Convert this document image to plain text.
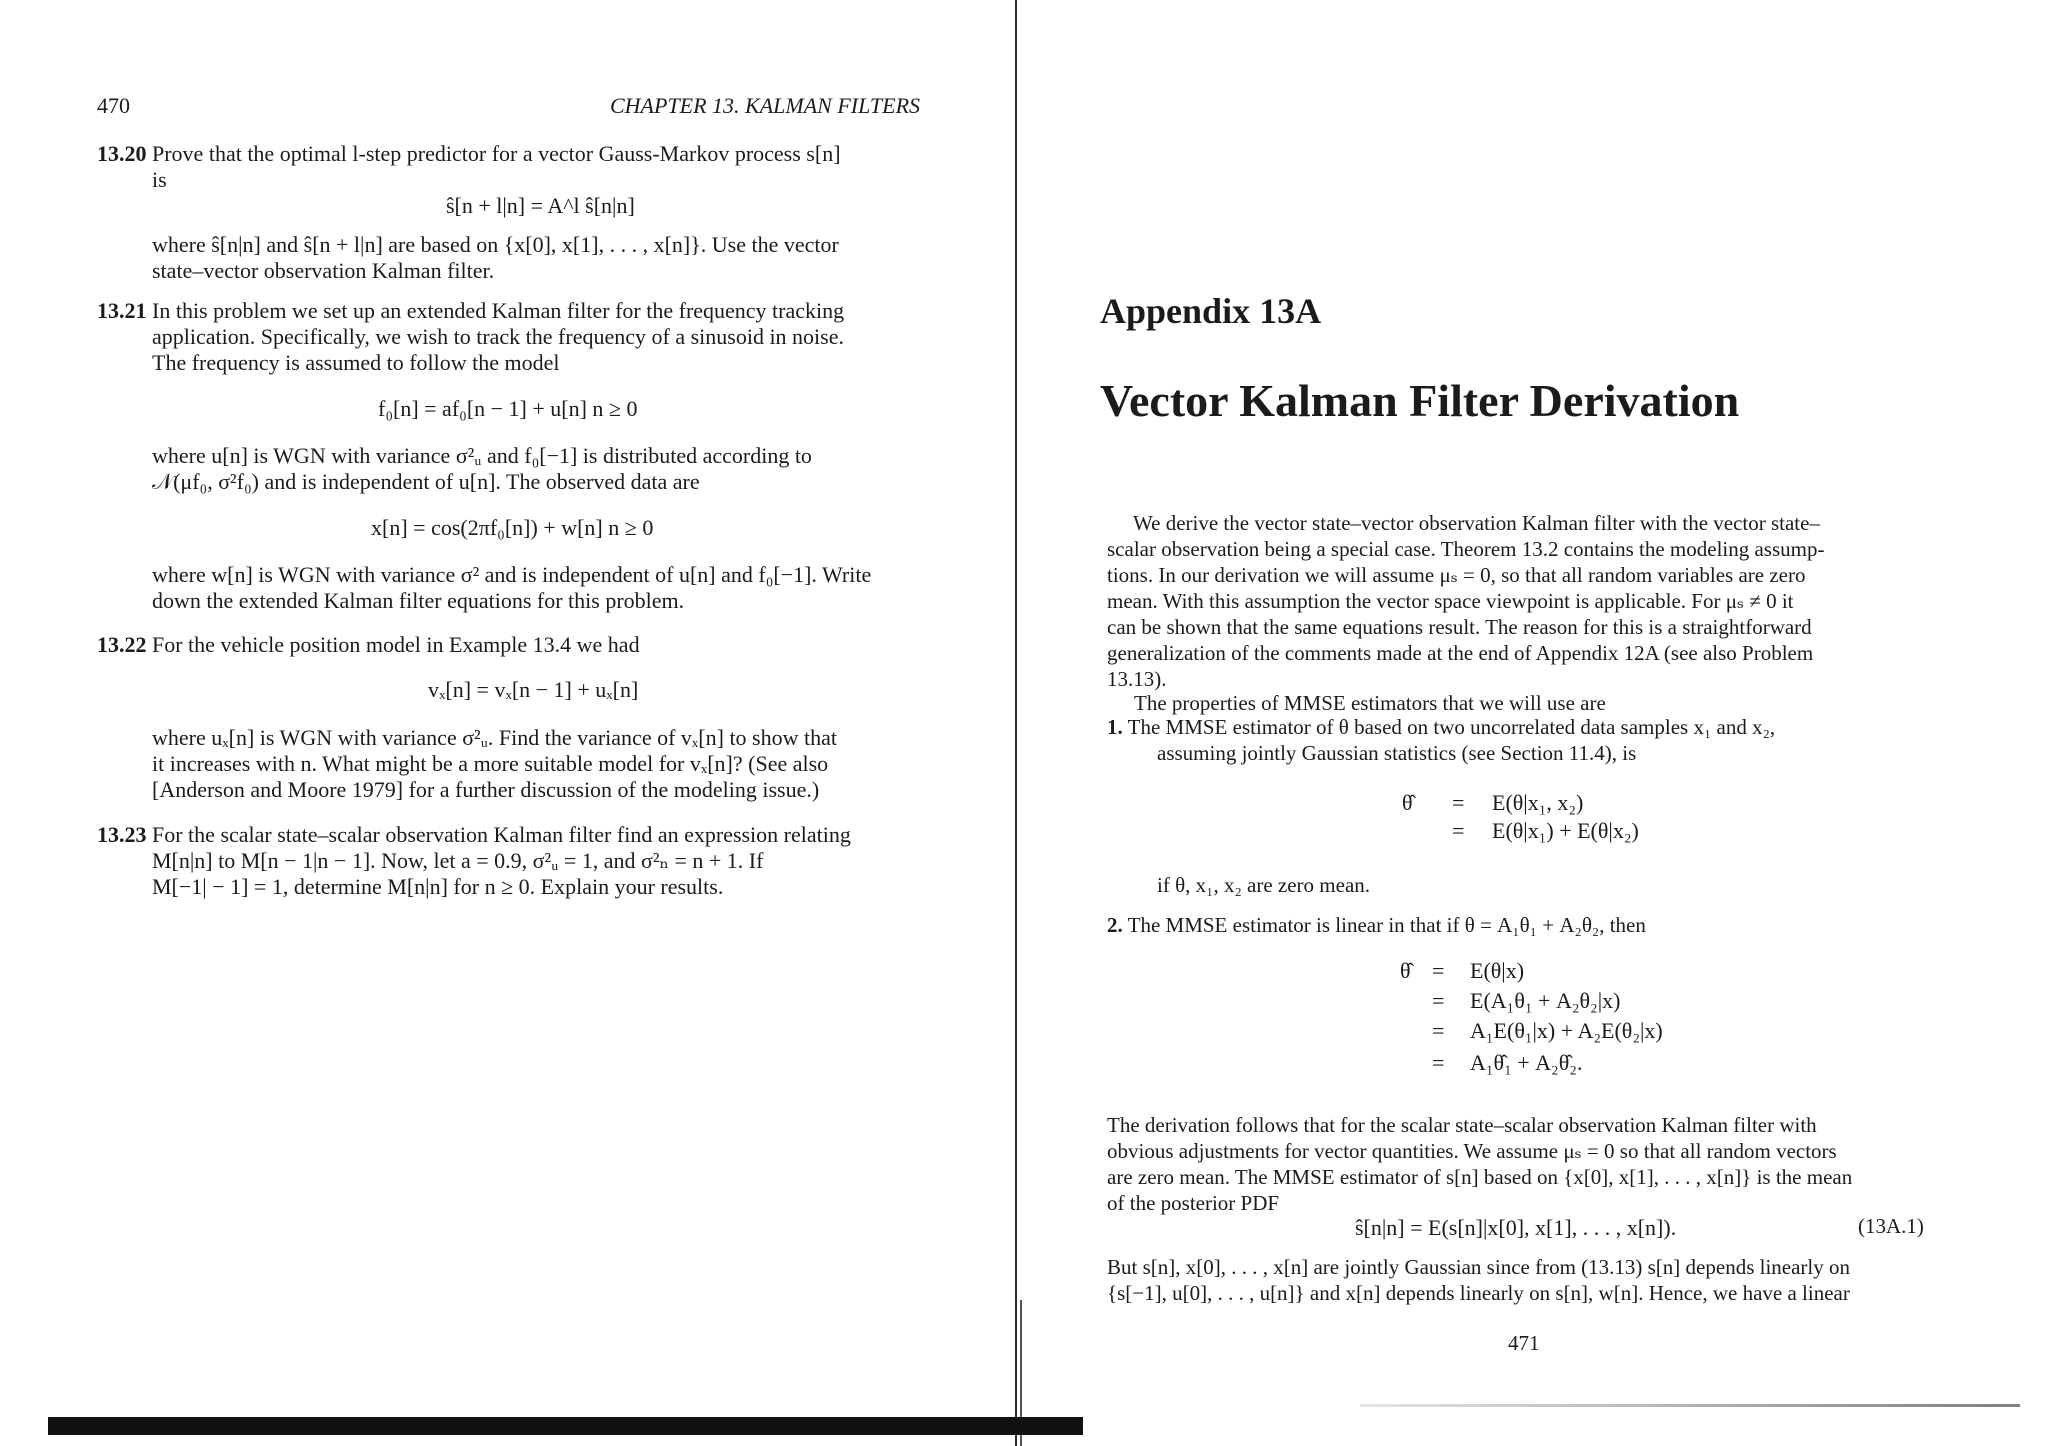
470	CHAPTER 13. KALMAN FILTERS
13.20 Prove that the optimal l-step predictor for a vector Gauss-Markov process s[n]
is
ŝ[n + l|n] = A^l ŝ[n|n]
where ŝ[n|n] and ŝ[n + l|n] are based on {x[0], x[1], . . . , x[n]}. Use the vector
state–vector observation Kalman filter.
13.21 In this problem we set up an extended Kalman filter for the frequency tracking
application. Specifically, we wish to track the frequency of a sinusoid in noise.
The frequency is assumed to follow the model
f₀[n] = af₀[n − 1] + u[n] n ≥ 0
where u[n] is WGN with variance σ²ᵤ and f₀[−1] is distributed according to
𝒩(μf₀, σ²f₀) and is independent of u[n]. The observed data are
x[n] = cos(2πf₀[n]) + w[n] n ≥ 0
where w[n] is WGN with variance σ² and is independent of u[n] and f₀[−1]. Write
down the extended Kalman filter equations for this problem.
13.22 For the vehicle position model in Example 13.4 we had
vₓ[n] = vₓ[n − 1] + uₓ[n]
where uₓ[n] is WGN with variance σ²ᵤ. Find the variance of vₓ[n] to show that
it increases with n. What might be a more suitable model for vₓ[n]? (See also
[Anderson and Moore 1979] for a further discussion of the modeling issue.)
13.23 For the scalar state–scalar observation Kalman filter find an expression relating
M[n|n] to M[n − 1|n − 1]. Now, let a = 0.9, σ²ᵤ = 1, and σ²ₙ = n + 1. If
M[−1| − 1] = 1, determine M[n|n] for n ≥ 0. Explain your results.
Appendix 13A
Vector Kalman Filter Derivation
We derive the vector state–vector observation Kalman filter with the vector state–
scalar observation being a special case. Theorem 13.2 contains the modeling assump-
tions. In our derivation we will assume μₛ = 0, so that all random variables are zero
mean. With this assumption the vector space viewpoint is applicable. For μₛ ≠ 0 it
can be shown that the same equations result. The reason for this is a straightforward
generalization of the comments made at the end of Appendix 12A (see also Problem
13.13).
The properties of MMSE estimators that we will use are
1. The MMSE estimator of θ based on two uncorrelated data samples x₁ and x₂,
assuming jointly Gaussian statistics (see Section 11.4), is
θ̂ = E(θ|x₁, x₂)
= E(θ|x₁) + E(θ|x₂)
if θ, x₁, x₂ are zero mean.
2. The MMSE estimator is linear in that if θ = A₁θ₁ + A₂θ₂, then
θ̂ = E(θ|x)
= E(A₁θ₁ + A₂θ₂|x)
= A₁E(θ₁|x) + A₂E(θ₂|x)
= A₁θ̂₁ + A₂θ̂₂.
The derivation follows that for the scalar state–scalar observation Kalman filter with
obvious adjustments for vector quantities. We assume μₛ = 0 so that all random vectors
are zero mean. The MMSE estimator of s[n] based on {x[0], x[1], . . . , x[n]} is the mean
of the posterior PDF
ŝ[n|n] = E(s[n]|x[0], x[1], . . . , x[n]).	(13A.1)
But s[n], x[0], . . . , x[n] are jointly Gaussian since from (13.13) s[n] depends linearly on
{s[−1], u[0], . . . , u[n]} and x[n] depends linearly on s[n], w[n]. Hence, we have a linear
471
